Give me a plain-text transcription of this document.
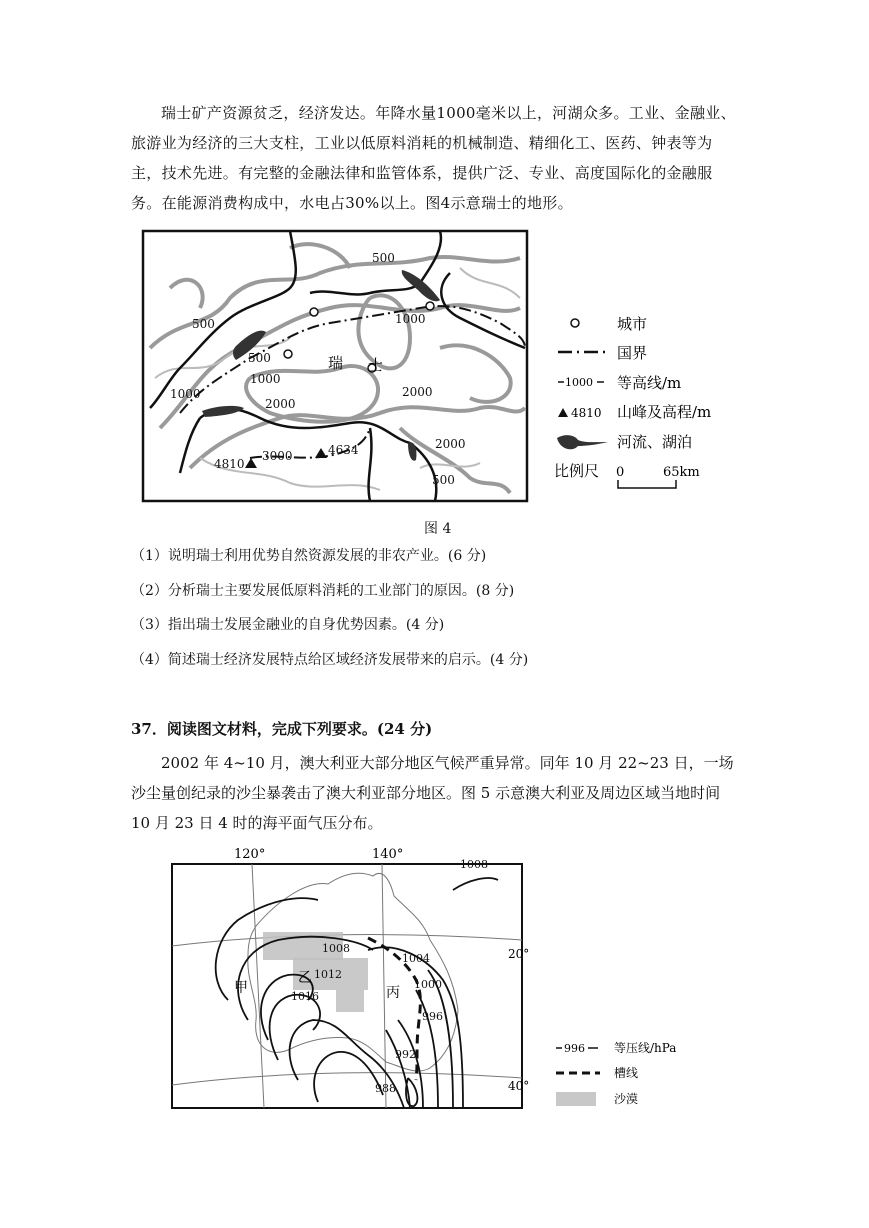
瑞士矿产资源贫乏，经济发达。年降水量1000毫米以上，河湖众多。工业、金融业、旅游业为经济的三大支柱，工业以低原料消耗的机械制造、精细化工、医药、钟表等为主，技术先进。有完整的金融法律和监管体系，提供广泛、专业、高度国际化的金融服务。在能源消费构成中，水电占30%以上。图4示意瑞士的地形。
500
1000
500
500
1000
2000
1000	2000
3000
2000
500
4810
4634
瑞 士
城市
国界
1000 等高线/m
4810 山峰及高程/m
河流、湖泊
比例尺 0	65km
图 4
（1）说明瑞士利用优势自然资源发展的非农产业。(6 分)
（2）分析瑞士主要发展低原料消耗的工业部门的原因。(8 分)
（3）指出瑞士发展金融业的自身优势因素。(4 分)
（4）简述瑞士经济发展特点给区域经济发展带来的启示。(4 分)
37．阅读图文材料，完成下列要求。(24 分)
2002 年 4~10 月，澳大利亚大部分地区气候严重异常。同年 10 月 22~23 日，一场沙尘量创纪录的沙尘暴袭击了澳大利亚部分地区。图 5 示意澳大利亚及周边区域当地时间 10 月 23 日 4 时的海平面气压分布。
120°	140°
1008
1008
1004
1012
1000
1016
996
992
988
甲
乙
丙
20°
40°
996 等压线/hPa
槽线
沙漠
